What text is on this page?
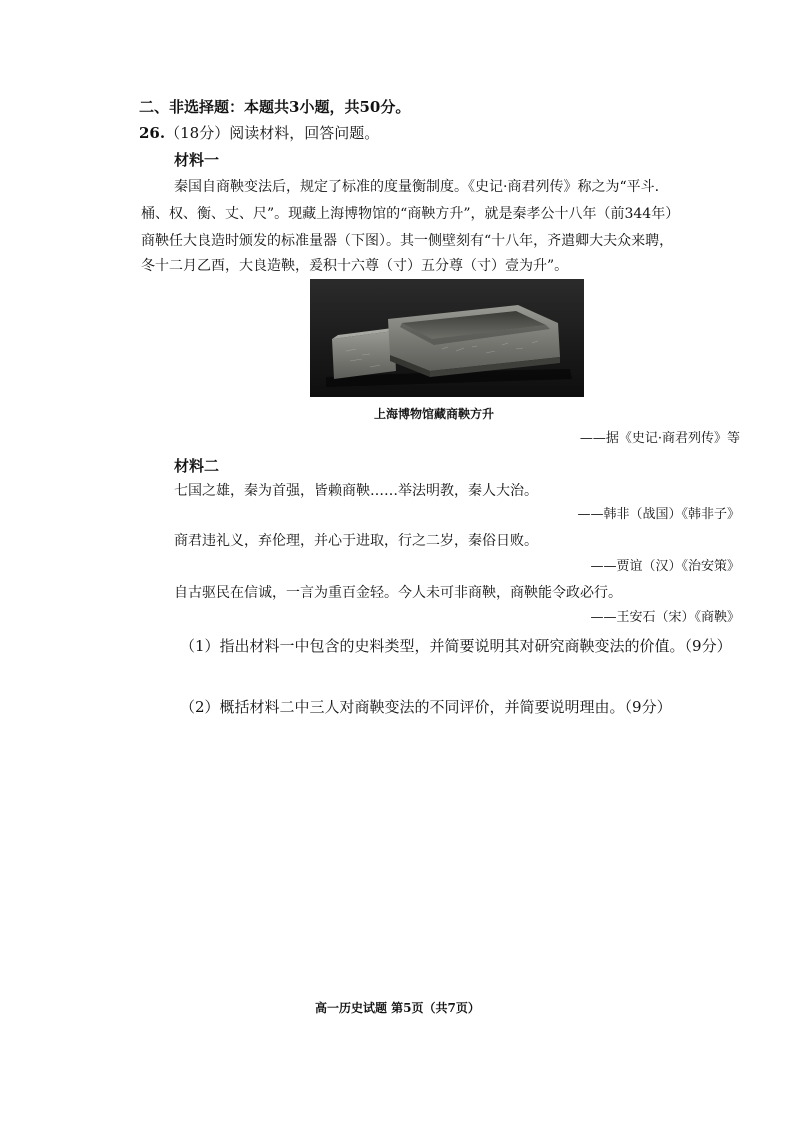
二、非选择题：本题共3小题，共50分。

26.（18分）阅读材料，回答问题。

材料一

秦国自商鞅变法后，规定了标准的度量衡制度。《史记·商君列传》称之为“平斗.

桶、权、衡、丈、尺”。现藏上海博物馆的“商鞅方升”，就是秦孝公十八年（前344年）

商鞅任大良造时颁发的标准量器（下图）。其一侧壁刻有“十八年，齐遣卿大夫众来聘，

冬十二月乙酉，大良造鞅，爰积十六尊（寸）五分尊（寸）壹为升”。

上海博物馆藏商鞅方升

——据《史记·商君列传》等

材料二

七国之雄，秦为首强，皆赖商鞅……举法明教，秦人大治。

——韩非（战国）《韩非子》

商君违礼义，弃伦理，并心于进取，行之二岁，秦俗日败。

——贾谊（汉）《治安策》

自古驱民在信诚，一言为重百金轻。今人未可非商鞅，商鞅能令政必行。

——王安石（宋）《商鞅》

（1）指出材料一中包含的史料类型，并简要说明其对研究商鞅变法的价值。（9分）

（2）概括材料二中三人对商鞅变法的不同评价，并简要说明理由。（9分）

高一历史试题 第5页（共7页）
